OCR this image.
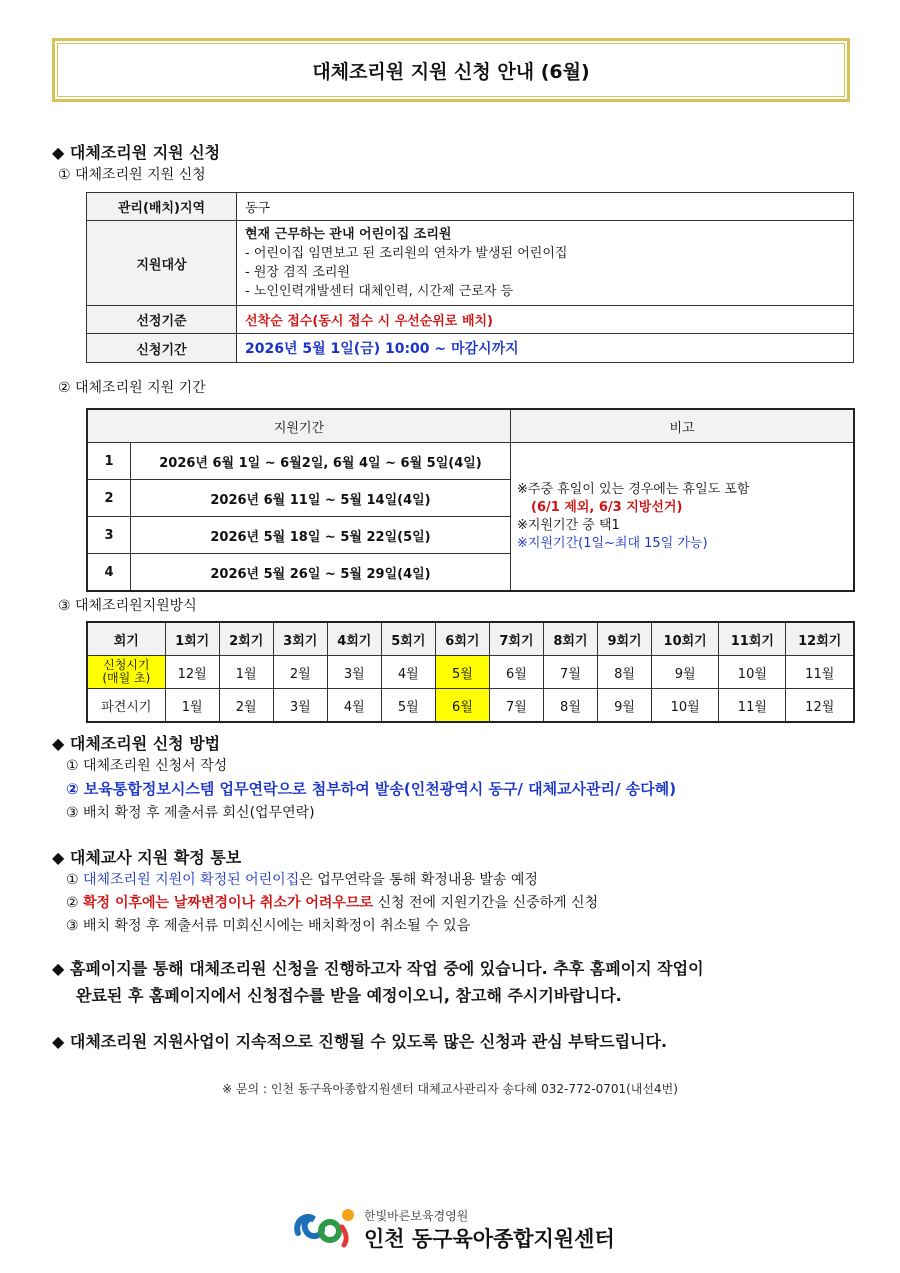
대체조리원 지원 신청 안내 (6월)
◆ 대체조리원 지원 신청
① 대체조리원 지원 신청
관리(배치)지역	동구
지원대상	현재 근무하는 관내 어린이집 조리원
- 어린이집 임면보고 된 조리원의 연차가 발생된 어린이집
- 원장 겸직 조리원
- 노인인력개발센터 대체인력, 시간제 근로자 등

선정기준	선착순 접수(동시 접수 시 우선순위로 배치)
신청기간	2026년 5월 1일(금) 10:00 ~ 마감시까지
② 대체조리원 지원 기간
지원기간		비고
1	2026년 6월 1일 ~ 6월2일, 6월 4일 ~ 6월 5일(4일)	※주중 휴일이 있는 경우에는 휴일도 포함
(6/1 제외, 6/3 지방선거)
※지원기간 중 택1
※지원기간(1일~최대 15일 가능)

2	2026년 6월 11일 ~ 5월 14일(4일)	
3	2026년 5월 18일 ~ 5월 22일(5일)	
4	2026년 5월 26일 ~ 5월 29일(4일)	
③ 대체조리원지원방식
회기	1회기	2회기	3회기	4회기	5회기	6회기	7회기	8회기	9회기	10회기	11회기	12회기

신청시기
(매월 초)	12월	1월	2월	3월	4월	5월	6월	7월	8월	9월	10월	11월
파견시기	1월	2월	3월	4월	5월	6월	7월	8월	9월	10월	11월	12월
◆ 대체조리원 신청 방법
① 대체조리원 신청서 작성
② 보육통합정보시스템 업무연락으로 첨부하여 발송(인천광역시 동구/ 대체교사관리/ 송다혜)
③ 배치 확정 후 제출서류 회신(업무연락)
◆ 대체교사 지원 확정 통보
① 대체조리원 지원이 확정된 어린이집은 업무연락을 통해 확정내용 발송 예정
② 확정 이후에는 날짜변경이나 취소가 어려우므로 신청 전에 지원기간을 신중하게 신청
③ 배치 확정 후 제출서류 미회신시에는 배치확정이 취소될 수 있음
◆ 홈페이지를 통해 대체조리원 신청을 진행하고자 작업 중에 있습니다. 추후 홈페이지 작업이
완료된 후 홈페이지에서 신청접수를 받을 예정이오니, 참고해 주시기바랍니다.
◆ 대체조리원 지원사업이 지속적으로 진행될 수 있도록 많은 신청과 관심 부탁드립니다.
※ 문의 : 인천 동구육아종합지원센터 대체교사관리자 송다혜 032-772-0701(내선4번)
한빛바른보육경영원
인천 동구육아종합지원센터
